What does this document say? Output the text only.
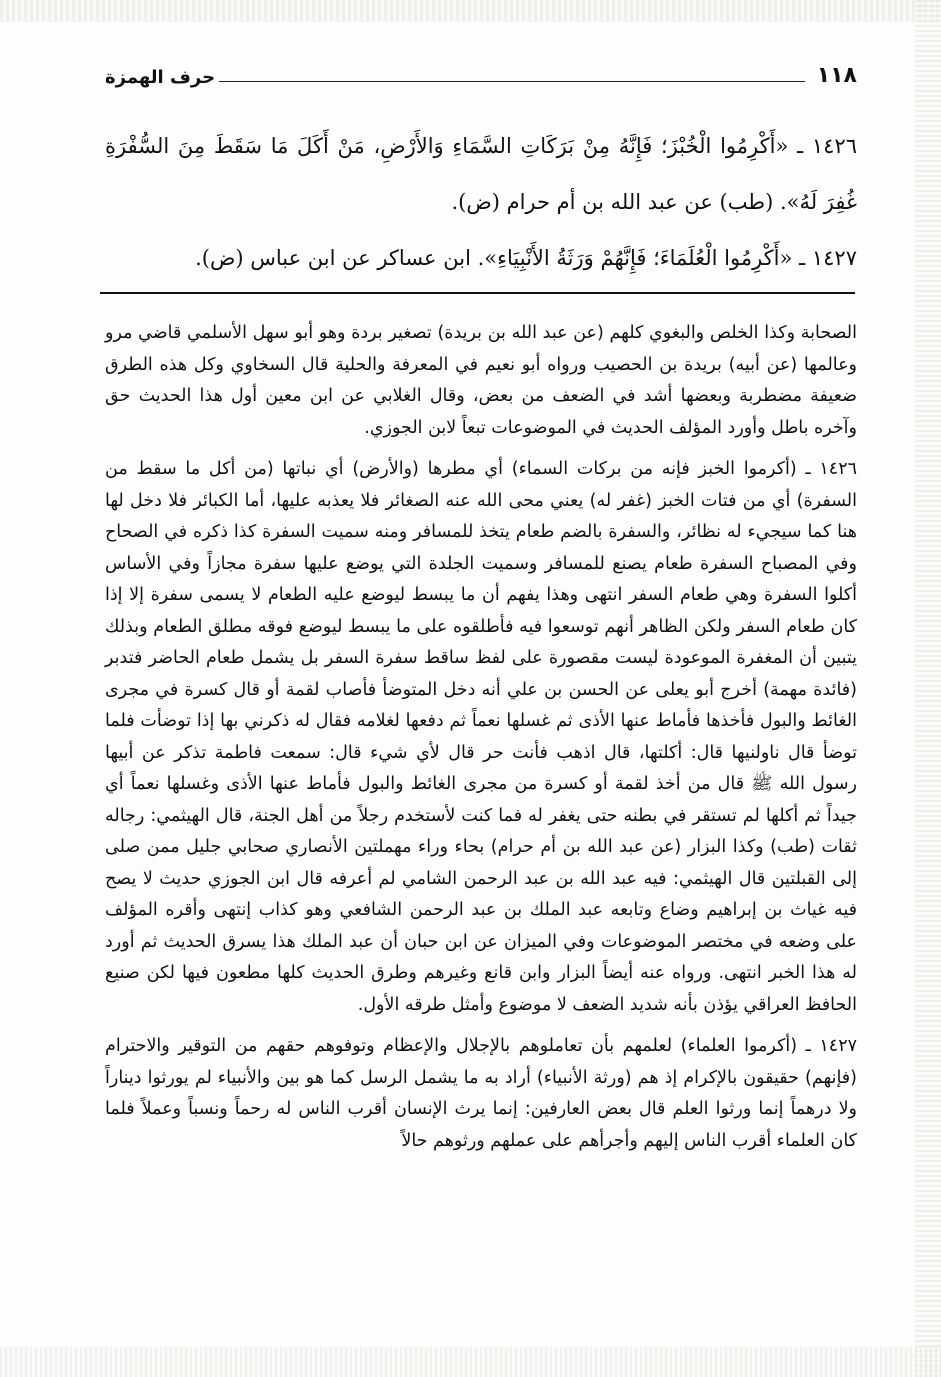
١١٨
حرف الهمزة

١٤٢٦ ـ «أَكْرِمُوا الْخُبْزَ؛ فَإِنَّهُ مِنْ بَرَكَاتِ السَّمَاءِ وَالأَرْضِ، مَنْ أَكَلَ مَا سَقَطَ مِنَ السُّفْرَةِ غُفِرَ لَهُ». (طب) عن عبد الله بن أم حرام (ض).

١٤٢٧ ـ «أَكْرِمُوا الْعُلَمَاءَ؛ فَإِنَّهُمْ وَرَثَةُ الأَنْبِيَاءِ». ابن عساكر عن ابن عباس (ض).

الصحابة وكذا الخلص والبغوي كلهم (عن عبد الله بن بريدة) تصغير بردة وهو أبو سهل الأسلمي قاضي مرو وعالمها (عن أبيه) بريدة بن الحصيب ورواه أبو نعيم في المعرفة والحلية قال السخاوي وكل هذه الطرق ضعيفة مضطربة وبعضها أشد في الضعف من بعض، وقال الغلابي عن ابن معين أول هذا الحديث حق وآخره باطل وأورد المؤلف الحديث في الموضوعات تبعاً لابن الجوزي.

١٤٢٦ ـ (أكرموا الخبز فإنه من بركات السماء) أي مطرها (والأرض) أي نباتها (من أكل ما سقط من السفرة) أي من فتات الخبز (غفر له) يعني محى الله عنه الصغائر فلا يعذبه عليها، أما الكبائر فلا دخل لها هنا كما سيجيء له نظائر، والسفرة بالضم طعام يتخذ للمسافر ومنه سميت السفرة كذا ذكره في الصحاح وفي المصباح السفرة طعام يصنع للمسافر وسميت الجلدة التي يوضع عليها سفرة مجازاً وفي الأساس أكلوا السفرة وهي طعام السفر انتهى وهذا يفهم أن ما يبسط ليوضع عليه الطعام لا يسمى سفرة إلا إذا كان طعام السفر ولكن الظاهر أنهم توسعوا فيه فأطلقوه على ما يبسط ليوضع فوقه مطلق الطعام وبذلك يتبين أن المغفرة الموعودة ليست مقصورة على لفظ ساقط سفرة السفر بل يشمل طعام الحاضر فتدبر (فائدة مهمة) أخرج أبو يعلى عن الحسن بن علي أنه دخل المتوضأ فأصاب لقمة أو قال كسرة في مجرى الغائط والبول فأخذها فأماط عنها الأذى ثم غسلها نعماً ثم دفعها لغلامه فقال له ذكرني بها إذا توضأت فلما توضأ قال ناولنيها قال: أكلتها، قال اذهب فأنت حر قال لأي شيء قال: سمعت فاطمة تذكر عن أبيها رسول الله ﷺ قال من أخذ لقمة أو كسرة من مجرى الغائط والبول فأماط عنها الأذى وغسلها نعماً أي جيداً ثم أكلها لم تستقر في بطنه حتى يغفر له فما كنت لأستخدم رجلاً من أهل الجنة، قال الهيثمي: رجاله ثقات (طب) وكذا البزار (عن عبد الله بن أم حرام) بحاء وراء مهملتين الأنصاري صحابي جليل ممن صلى إلى القبلتين قال الهيثمي: فيه عبد الله بن عبد الرحمن الشامي لم أعرفه قال ابن الجوزي حديث لا يصح فيه غياث بن إبراهيم وضاع وتابعه عبد الملك بن عبد الرحمن الشافعي وهو كذاب إنتهى وأقره المؤلف على وضعه في مختصر الموضوعات وفي الميزان عن ابن حبان أن عبد الملك هذا يسرق الحديث ثم أورد له هذا الخبر انتهى. ورواه عنه أيضاً البزار وابن قانع وغيرهم وطرق الحديث كلها مطعون فيها لكن صنيع الحافظ العراقي يؤذن بأنه شديد الضعف لا موضوع وأمثل طرقه الأول.

١٤٢٧ ـ (أكرموا العلماء) لعلمهم بأن تعاملوهم بالإجلال والإعظام وتوفوهم حقهم من التوقير والاحترام (فإنهم) حقيقون بالإكرام إذ هم (ورثة الأنبياء) أراد به ما يشمل الرسل كما هو بين والأنبياء لم يورثوا ديناراً ولا درهماً إنما ورثوا العلم قال بعض العارفين: إنما يرث الإنسان أقرب الناس له رحماً ونسباً وعملاً فلما كان العلماء أقرب الناس إليهم وأجرأهم على عملهم ورثوهم حالاً
